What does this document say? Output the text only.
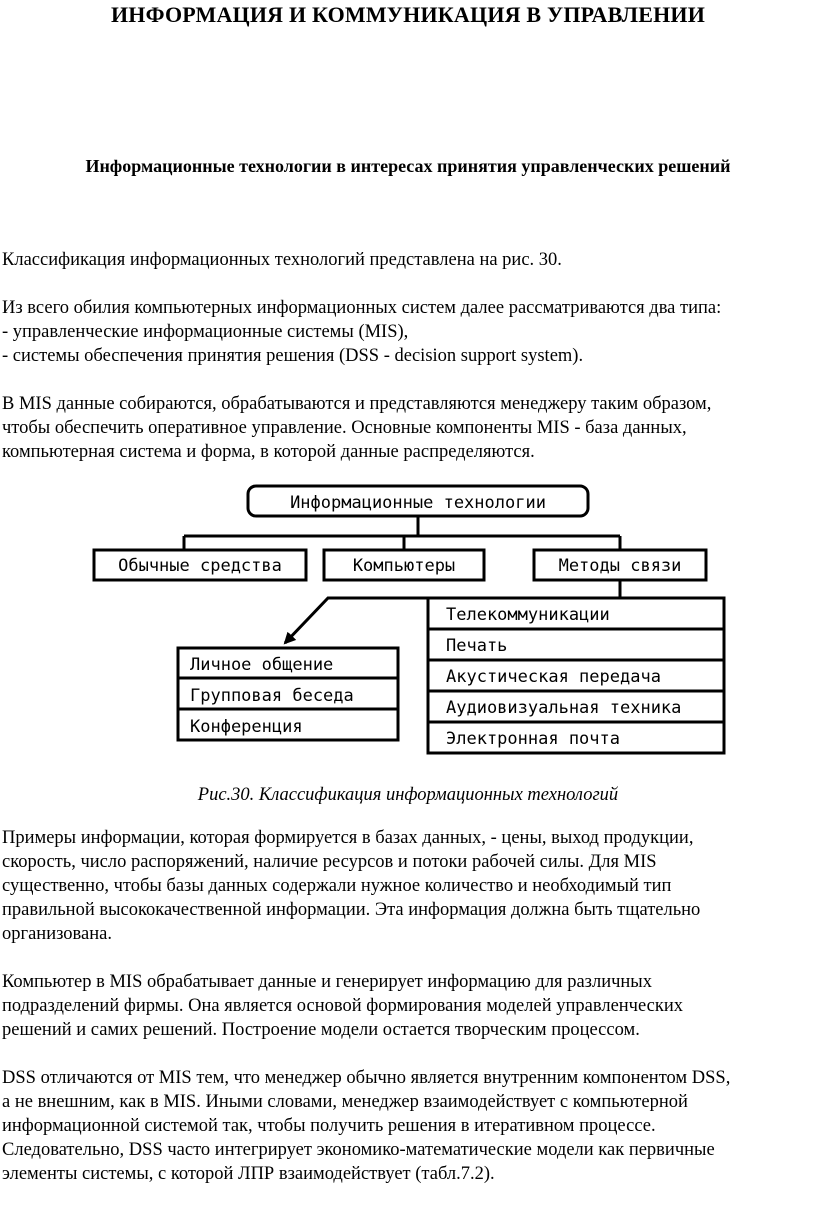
ИНФОРМАЦИЯ И КОММУНИКАЦИЯ В УПРАВЛЕНИИ
Информационные технологии в интересах принятия управленческих решений
Классификация информационных технологий представлена на рис. 30.
Из всего обилия компьютерных информационных систем далее рассматриваются два типа:
- управленческие информационные системы (MIS),
- системы обеспечения принятия решения (DSS - decision support system).
В MIS данные собираются, обрабатываются и представляются менеджеру таким образом,
чтобы обеспечить оперативное управление. Основные компоненты MIS - база данных,
компьютерная система и форма, в которой данные распределяются.
Информационные технологии
Обычные средства	Компьютеры	Методы связи
Личное общение
Групповая беседа
Конференция
Телекоммуникации
Печать
Акустическая передача
Аудиовизуальная техника
Электронная почта
Рис.30. Классификация информационных технологий
Примеры информации, которая формируется в базах данных, - цены, выход продукции,
скорость, число распоряжений, наличие ресурсов и потоки рабочей силы. Для MIS
существенно, чтобы базы данных содержали нужное количество и необходимый тип
правильной высококачественной информации. Эта информация должна быть тщательно
организована.
Компьютер в MIS обрабатывает данные и генерирует информацию для различных
подразделений фирмы. Она является основой формирования моделей управленческих
решений и самих решений. Построение модели остается творческим процессом.
DSS отличаются от MIS тем, что менеджер обычно является внутренним компонентом DSS,
а не внешним, как в MIS. Иными словами, менеджер взаимодействует с компьютерной
информационной системой так, чтобы получить решения в итеративном процессе.
Следовательно, DSS часто интегрирует экономико-математические модели как первичные
элементы системы, с которой ЛПР взаимодействует (табл.7.2).
